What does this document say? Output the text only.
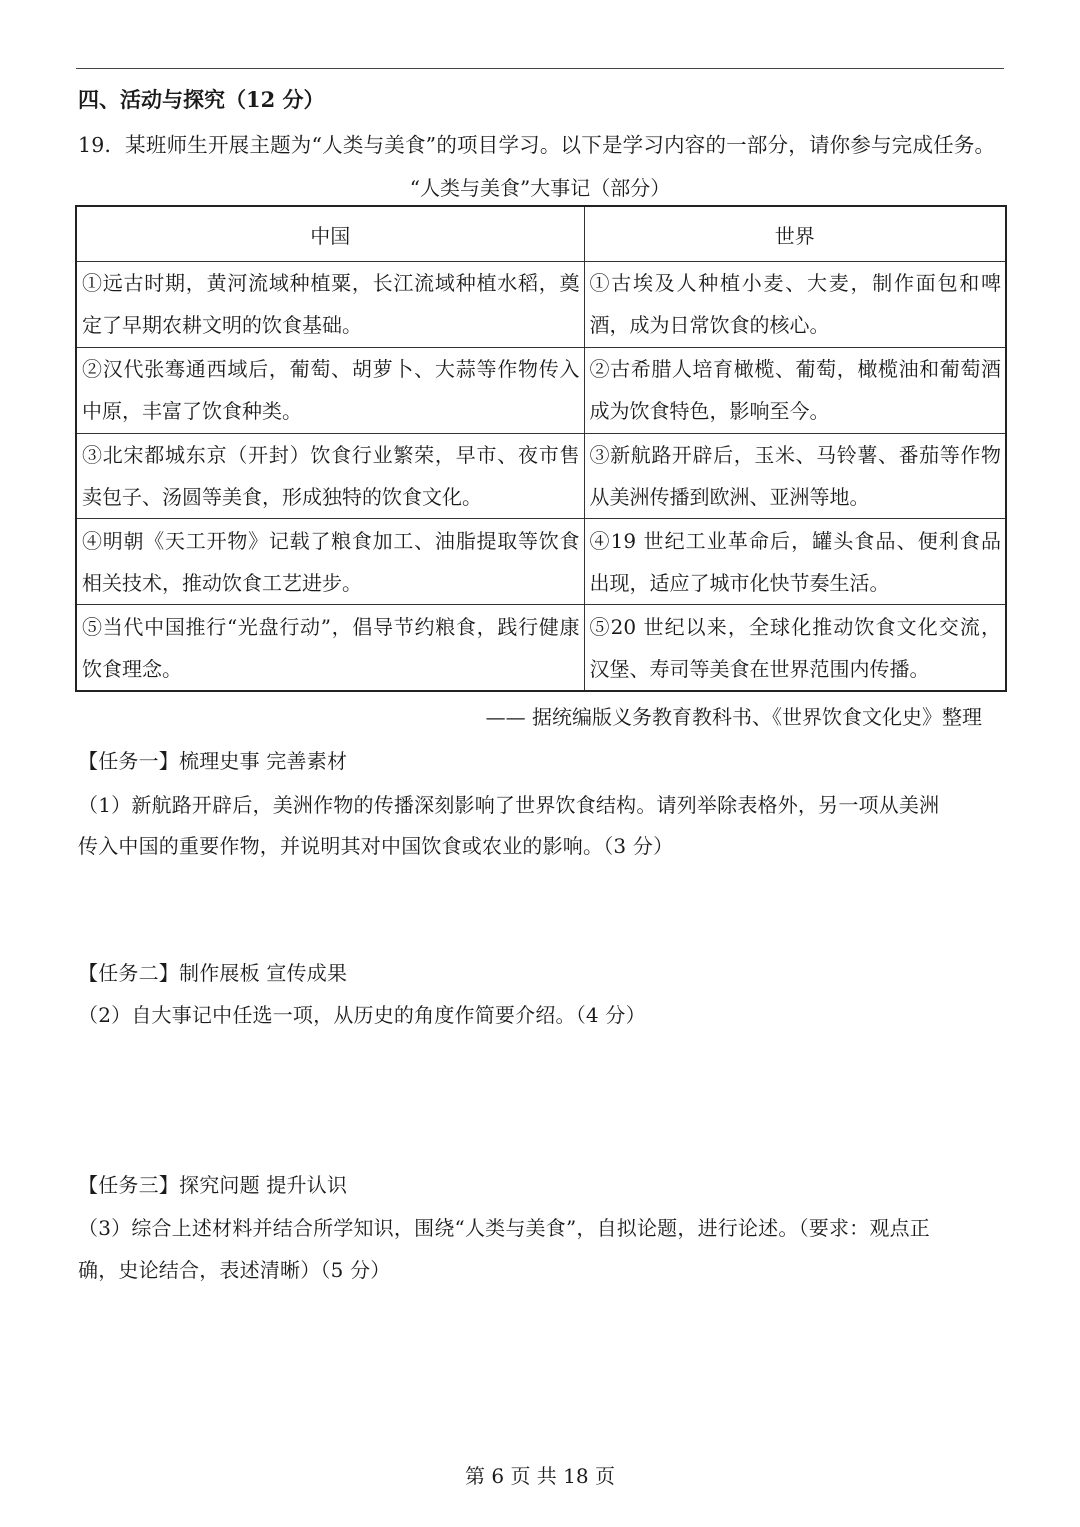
四、活动与探究（12 分）
19．某班师生开展主题为“人类与美食”的项目学习。以下是学习内容的一部分，请你参与完成任务。
“人类与美食”大事记（部分）
中国	世界
①远古时期，黄河流域种植粟，长江流域种植水稻，奠定了早期农耕文明的饮食基础。	①古埃及人种植小麦、大麦，制作面包和啤酒，成为日常饮食的核心。
②汉代张骞通西域后，葡萄、胡萝卜、大蒜等作物传入中原，丰富了饮食种类。	②古希腊人培育橄榄、葡萄，橄榄油和葡萄酒成为饮食特色，影响至今。
③北宋都城东京（开封）饮食行业繁荣，早市、夜市售卖包子、汤圆等美食，形成独特的饮食文化。	③新航路开辟后，玉米、马铃薯、番茄等作物从美洲传播到欧洲、亚洲等地。
④明朝《天工开物》记载了粮食加工、油脂提取等饮食相关技术，推动饮食工艺进步。	④19 世纪工业革命后，罐头食品、便利食品出现，适应了城市化快节奏生活。
⑤当代中国推行“光盘行动”，倡导节约粮食，践行健康饮食理念。	⑤20 世纪以来，全球化推动饮食文化交流，汉堡、寿司等美食在世界范围内传播。
—— 据统编版义务教育教科书、《世界饮食文化史》整理
【任务一】梳理史事 完善素材
（1）新航路开辟后，美洲作物的传播深刻影响了世界饮食结构。请列举除表格外，另一项从美洲
传入中国的重要作物，并说明其对中国饮食或农业的影响。（3 分）
【任务二】制作展板 宣传成果
（2）自大事记中任选一项，从历史的角度作简要介绍。（4 分）
【任务三】探究问题 提升认识
（3）综合上述材料并结合所学知识，围绕“人类与美食”，自拟论题，进行论述。（要求：观点正
确，史论结合，表述清晰）（5 分）
第 6 页 共 18 页
